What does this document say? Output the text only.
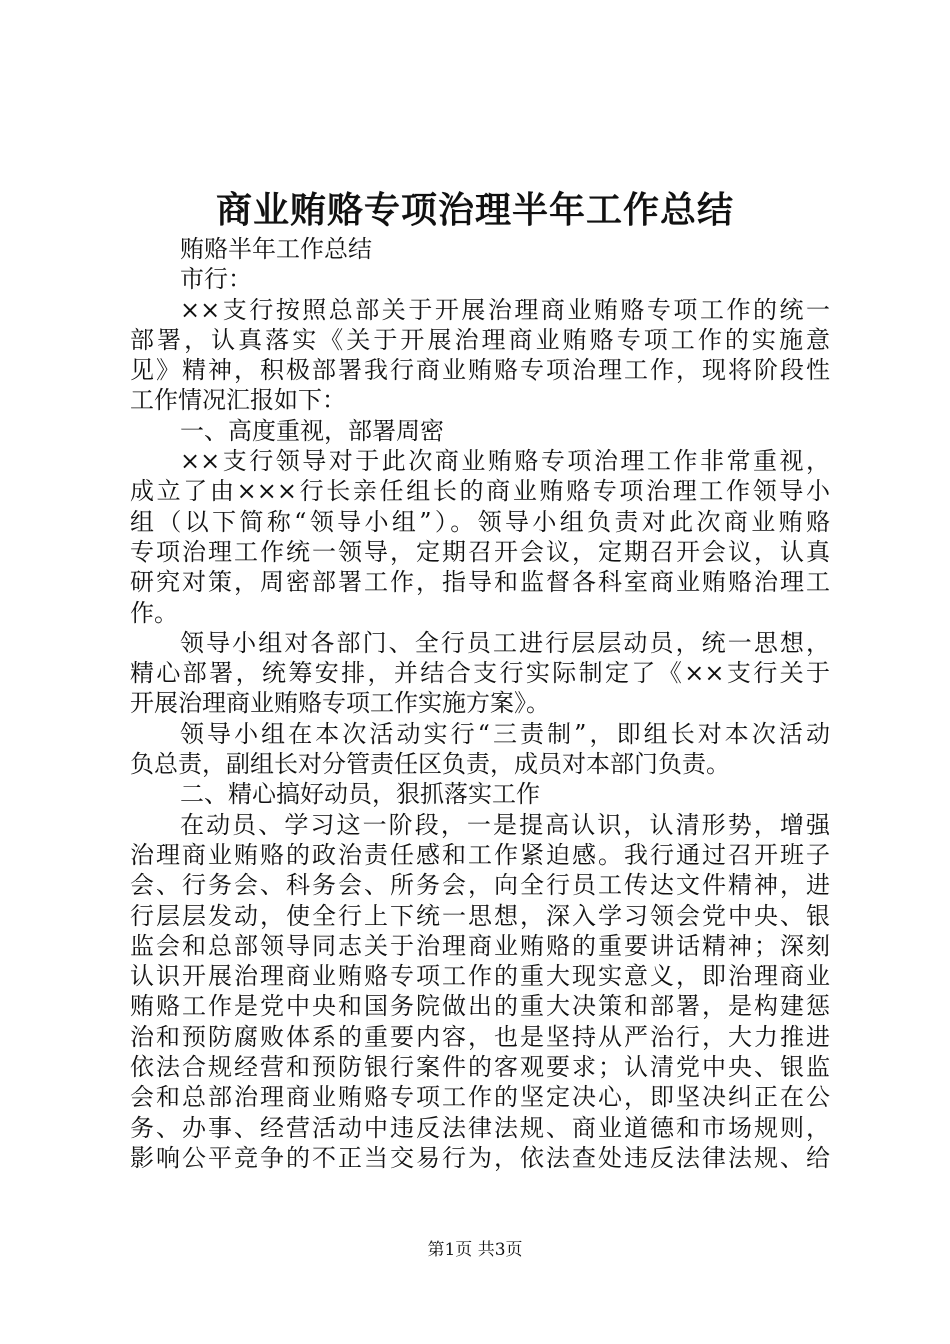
商业贿赂专项治理半年工作总结
贿赂半年工作总结
市行：
××支行按照总部关于开展治理商业贿赂专项工作的统一
部署，认真落实《关于开展治理商业贿赂专项工作的实施意
见》精神，积极部署我行商业贿赂专项治理工作，现将阶段性
工作情况汇报如下：
一、高度重视，部署周密
××支行领导对于此次商业贿赂专项治理工作非常重视，
成立了由×××行长亲任组长的商业贿赂专项治理工作领导小
组（以下简称“领导小组”）。领导小组负责对此次商业贿赂
专项治理工作统一领导，定期召开会议，定期召开会议，认真
研究对策，周密部署工作，指导和监督各科室商业贿赂治理工
作。
领导小组对各部门、全行员工进行层层动员，统一思想，
精心部署，统筹安排，并结合支行实际制定了《××支行关于
开展治理商业贿赂专项工作实施方案》。
领导小组在本次活动实行“三责制”，即组长对本次活动
负总责，副组长对分管责任区负责，成员对本部门负责。
二、精心搞好动员，狠抓落实工作
在动员、学习这一阶段，一是提高认识，认清形势，增强
治理商业贿赂的政治责任感和工作紧迫感。我行通过召开班子
会、行务会、科务会、所务会，向全行员工传达文件精神，进
行层层发动，使全行上下统一思想，深入学习领会党中央、银
监会和总部领导同志关于治理商业贿赂的重要讲话精神；深刻
认识开展治理商业贿赂专项工作的重大现实意义，即治理商业
贿赂工作是党中央和国务院做出的重大决策和部署，是构建惩
治和预防腐败体系的重要内容，也是坚持从严治行，大力推进
依法合规经营和预防银行案件的客观要求；认清党中央、银监
会和总部治理商业贿赂专项工作的坚定决心，即坚决纠正在公
务、办事、经营活动中违反法律法规、商业道德和市场规则，
影响公平竞争的不正当交易行为，依法查处违反法律法规、给
第1页 共3页
